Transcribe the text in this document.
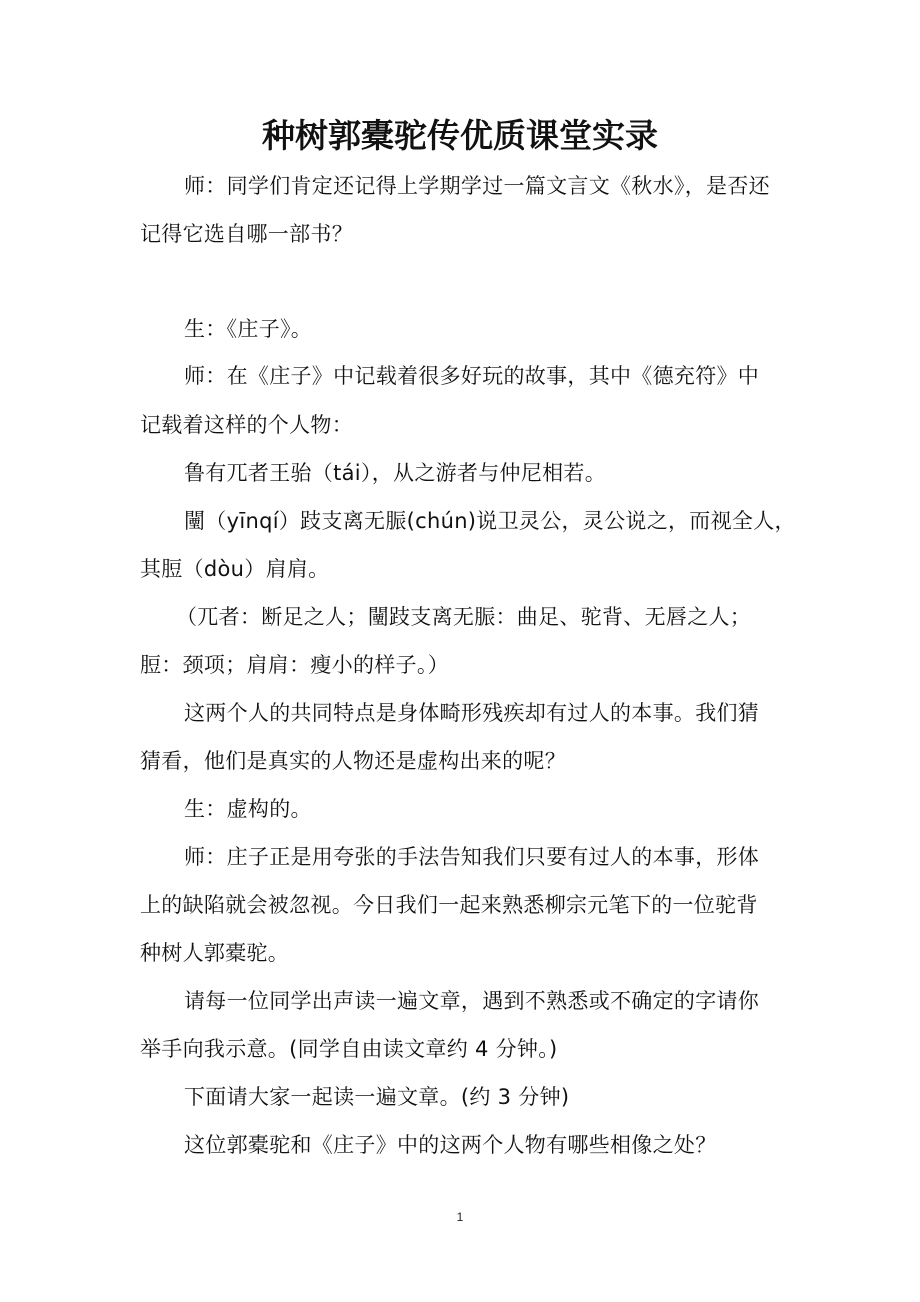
种树郭橐驼传优质课堂实录
师：同学们肯定还记得上学期学过一篇文言文《秋水》，是否还
记得它选自哪一部书？
生：《庄子》。
师：在《庄子》中记载着很多好玩的故事，其中《德充符》中
记载着这样的个人物：
鲁有兀者王骀（tái），从之游者与仲尼相若。
闉（yīnqí）跂支离无脤(chún)说卫灵公，灵公说之，而视全人，
其脰（dòu）肩肩。
（兀者：断足之人；闉跂支离无脤：曲足、驼背、无唇之人；
脰：颈项；肩肩：瘦小的样子。）
这两个人的共同特点是身体畸形残疾却有过人的本事。我们猜
猜看，他们是真实的人物还是虚构出来的呢？
生：虚构的。
师：庄子正是用夸张的手法告知我们只要有过人的本事，形体
上的缺陷就会被忽视。今日我们一起来熟悉柳宗元笔下的一位驼背
种树人郭橐驼。
请每一位同学出声读一遍文章，遇到不熟悉或不确定的字请你
举手向我示意。(同学自由读文章约 4 分钟。)
下面请大家一起读一遍文章。(约 3 分钟)
这位郭橐驼和《庄子》中的这两个人物有哪些相像之处？
1
